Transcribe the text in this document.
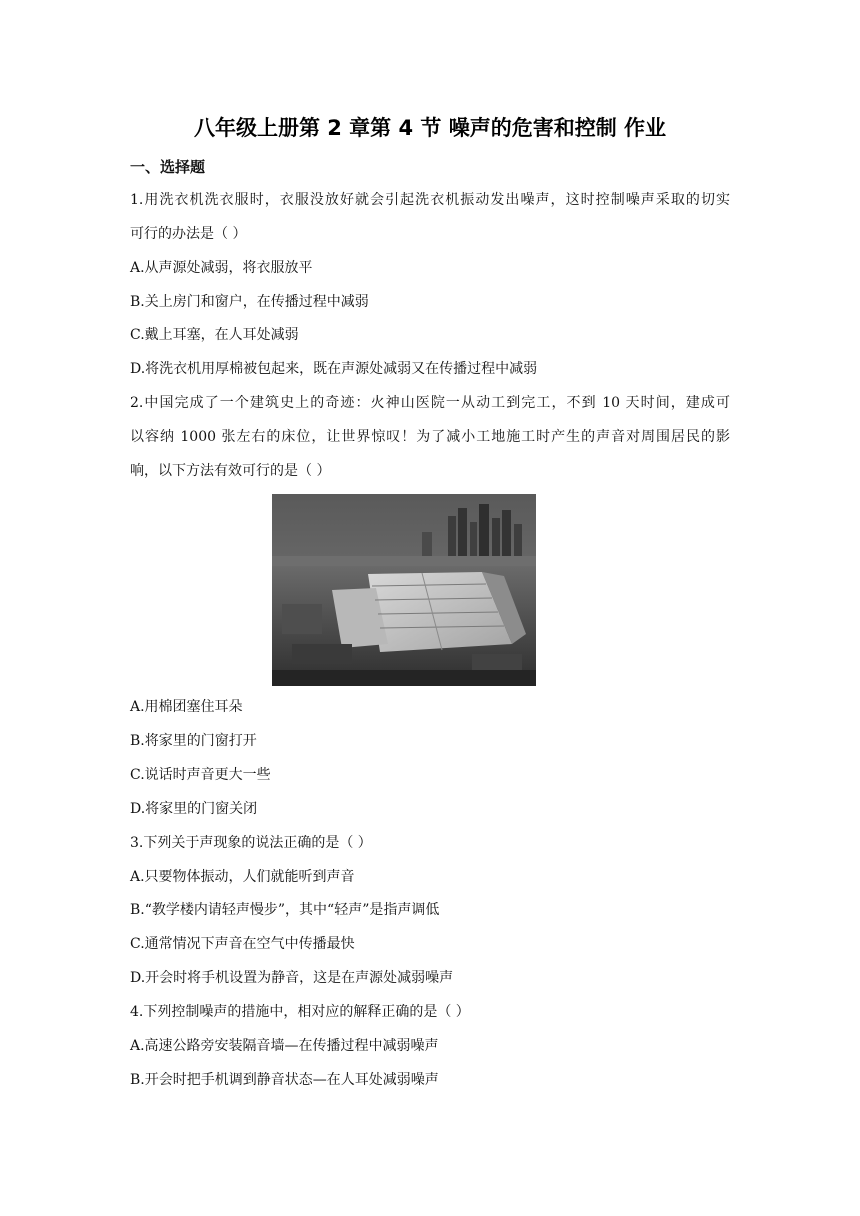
八年级上册第 2 章第 4 节 噪声的危害和控制 作业
一、选择题
1.用洗衣机洗衣服时，衣服没放好就会引起洗衣机振动发出噪声，这时控制噪声采取的切实
可行的办法是（ ）
A.从声源处减弱，将衣服放平
B.关上房门和窗户，在传播过程中减弱
C.戴上耳塞，在人耳处减弱
D.将洗衣机用厚棉被包起来，既在声源处减弱又在传播过程中减弱
2.中国完成了一个建筑史上的奇迹：火神山医院一从动工到完工，不到 10 天时间，建成可
以容纳 1000 张左右的床位，让世界惊叹！为了减小工地施工时产生的声音对周围居民的影
响，以下方法有效可行的是（ ）
A.用棉团塞住耳朵
B.将家里的门窗打开
C.说话时声音更大一些
D.将家里的门窗关闭
3.下列关于声现象的说法正确的是（ ）
A.只要物体振动，人们就能听到声音
B.“教学楼内请轻声慢步”，其中“轻声”是指声调低
C.通常情况下声音在空气中传播最快
D.开会时将手机设置为静音，这是在声源处减弱噪声
4.下列控制噪声的措施中，相对应的解释正确的是（ ）
A.高速公路旁安装隔音墙—在传播过程中减弱噪声
B.开会时把手机调到静音状态—在人耳处减弱噪声
